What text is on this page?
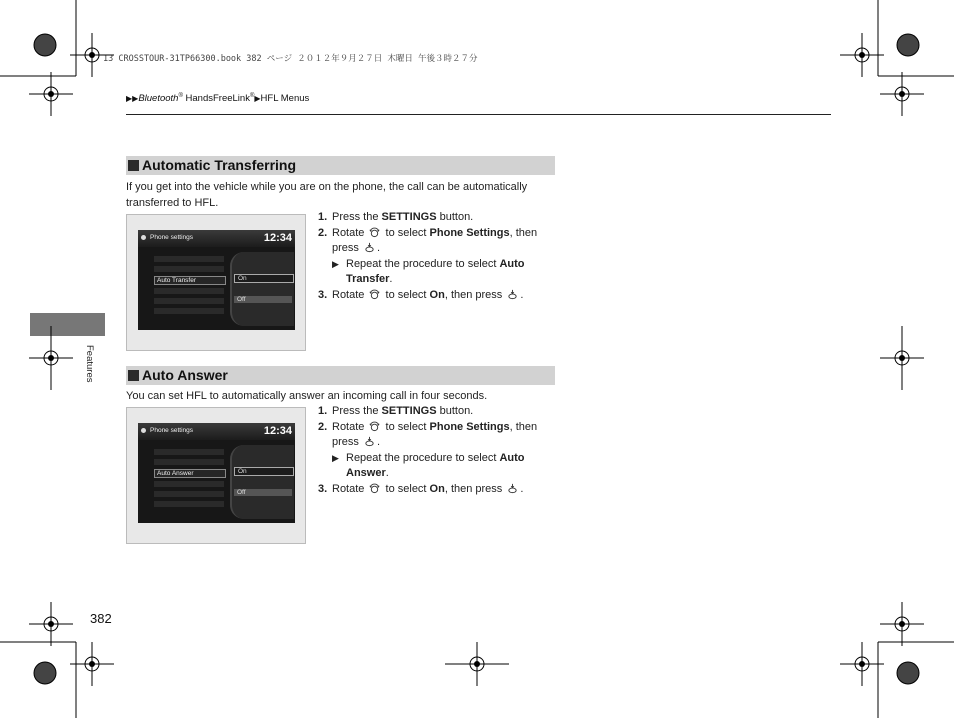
13 CROSSTOUR-31TP66300.book 382 ページ ２０１２年９月２７日 木曜日 午後３時２７分
▶▶Bluetooth® HandsFreeLink®▶HFL Menus
Automatic Transferring
If you get into the vehicle while you are on the phone, the call can be automatically transferred to HFL.
Phone settings	12:34
Auto Transfer	On
Off
1. Press the SETTINGS button.
2. Rotate  to select Phone Settings, then press .
▶ Repeat the procedure to select Auto Transfer.
3. Rotate  to select On, then press .
Auto Answer
You can set HFL to automatically answer an incoming call in four seconds.
Phone settings	12:34
Auto Answer	On
Off
1. Press the SETTINGS button.
2. Rotate  to select Phone Settings, then press .
▶ Repeat the procedure to select Auto Answer.
3. Rotate  to select On, then press .
Features
382
